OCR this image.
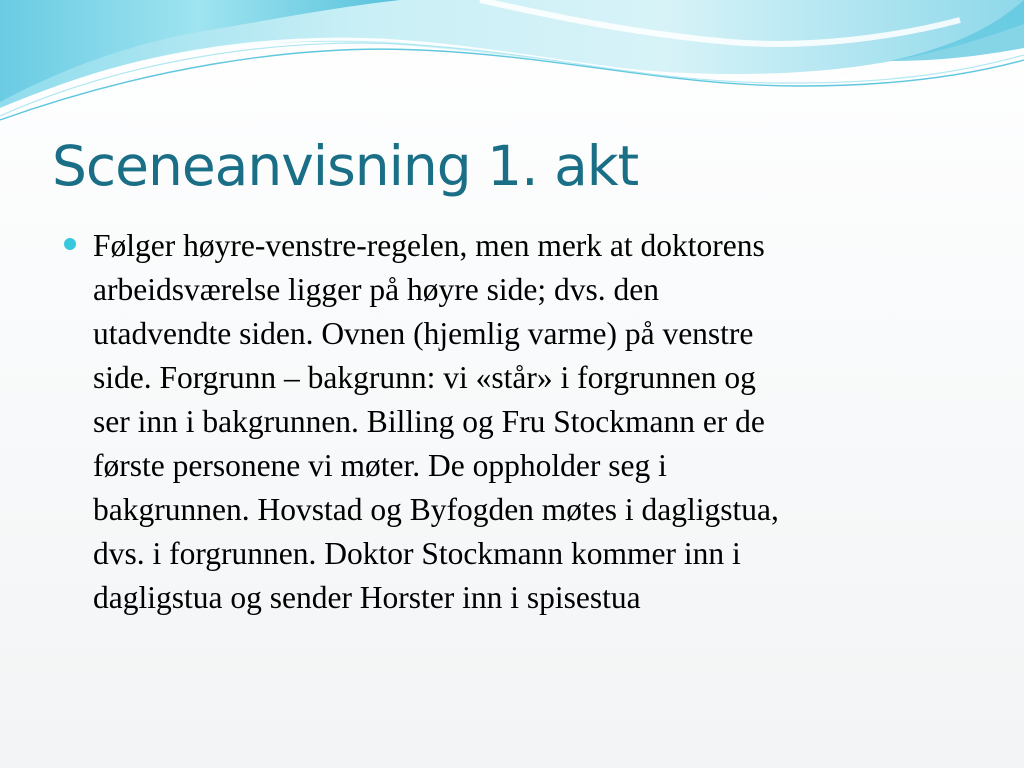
Sceneanvisning 1. akt

Følger høyre-venstre-regelen, men merk at doktorens
arbeidsværelse ligger på høyre side; dvs. den
utadvendte siden. Ovnen (hjemlig varme) på venstre
side. Forgrunn – bakgrunn: vi «står» i forgrunnen og
ser inn i bakgrunnen. Billing og Fru Stockmann er de
første personene vi møter. De oppholder seg i
bakgrunnen. Hovstad og Byfogden møtes i dagligstua,
dvs. i forgrunnen. Doktor Stockmann kommer inn i
dagligstua og sender Horster inn i spisestua
